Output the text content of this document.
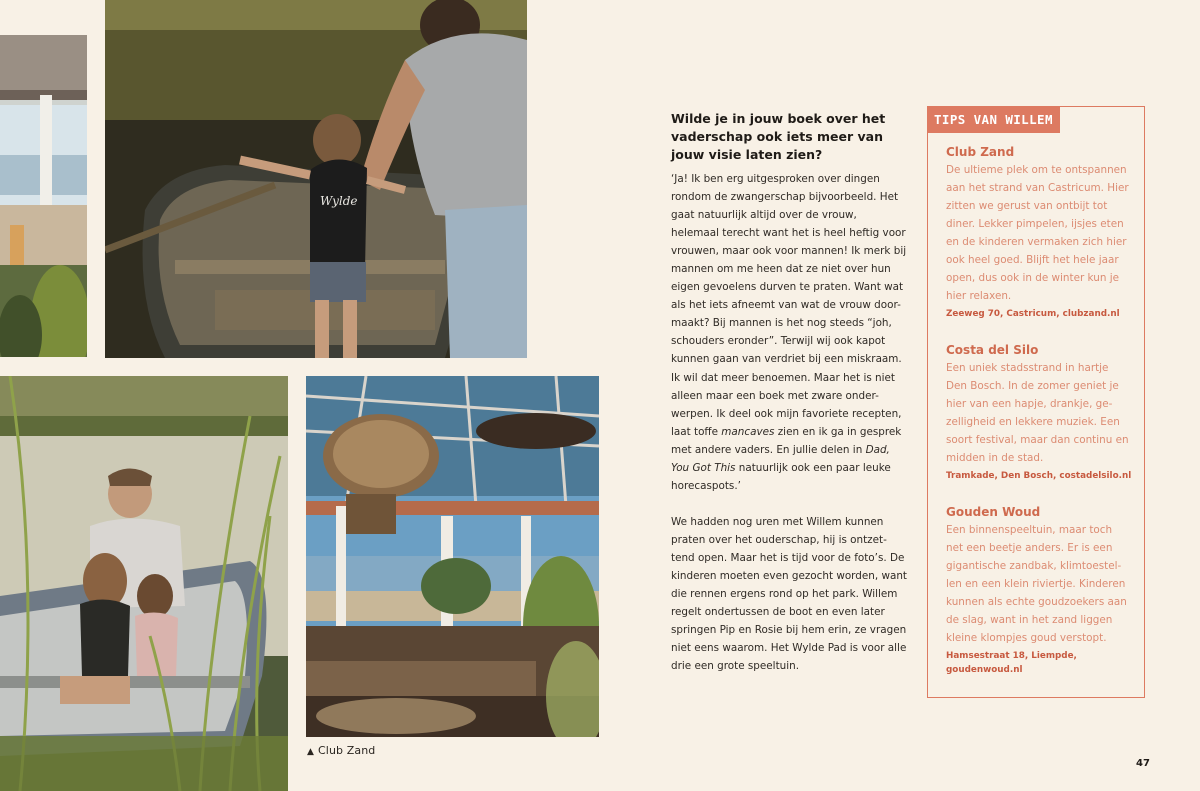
Wylde
▲ Club Zand
Wilde je in jouw boek over het vaderschap ook iets meer van jouw visie laten zien?

‘Ja! Ik ben erg uitgesproken over dingen rondom de zwangerschap bijvoorbeeld. Het gaat natuurlijk altijd over de vrouw, helemaal terecht want het is heel heftig voor vrouwen, maar ook voor mannen! Ik merk bij mannen om me heen dat ze niet over hun eigen gevoelens durven te praten. Want wat als het iets afneemt van wat de vrouw door-maakt? Bij mannen is het nog steeds “joh, schouders eronder”. Terwijl wij ook kapot kunnen gaan van verdriet bij een miskraam. Ik wil dat meer benoemen. Maar het is niet alleen maar een boek met zware onder-werpen. Ik deel ook mijn favoriete recepten, laat toffe mancaves zien en ik ga in gesprek met andere vaders. En jullie delen in Dad, You Got This natuurlijk ook een paar leuke horecaspots.’

We hadden nog uren met Willem kunnen praten over het ouderschap, hij is ontzet-tend open. Maar het is tijd voor de foto’s. De kinderen moeten even gezocht worden, want die rennen ergens rond op het park. Willem regelt ondertussen de boot en even later springen Pip en Rosie bij hem erin, ze vragen niet eens waarom. Het Wylde Pad is voor alle drie een grote speeltuin.

TIPS VAN WILLEM
Club Zand

De ultieme plek om te ontspannen aan het strand van Castricum. Hier zitten we gerust van ontbijt tot diner. Lekker pimpelen, ijsjes eten en de kinderen vermaken zich hier ook heel goed. Blijft het hele jaar open, dus ook in de winter kun je hier relaxen.

Zeeweg 70, Castricum, clubzand.nl

Costa del Silo

Een uniek stadsstrand in hartje Den Bosch. In de zomer geniet je hier van een hapje, drankje, ge-zelligheid en lekkere muziek. Een soort festival, maar dan continu en midden in de stad.

Tramkade, Den Bosch, costadelsilo.nl

Gouden Woud

Een binnenspeeltuin, maar toch net een beetje anders. Er is een gigantische zandbak, klimtoestel-len en een klein riviertje. Kinderen kunnen als echte goudzoekers aan de slag, want in het zand liggen kleine klompjes goud verstopt.

Hamsestraat 18, Liempde, goudenwoud.nl

47
